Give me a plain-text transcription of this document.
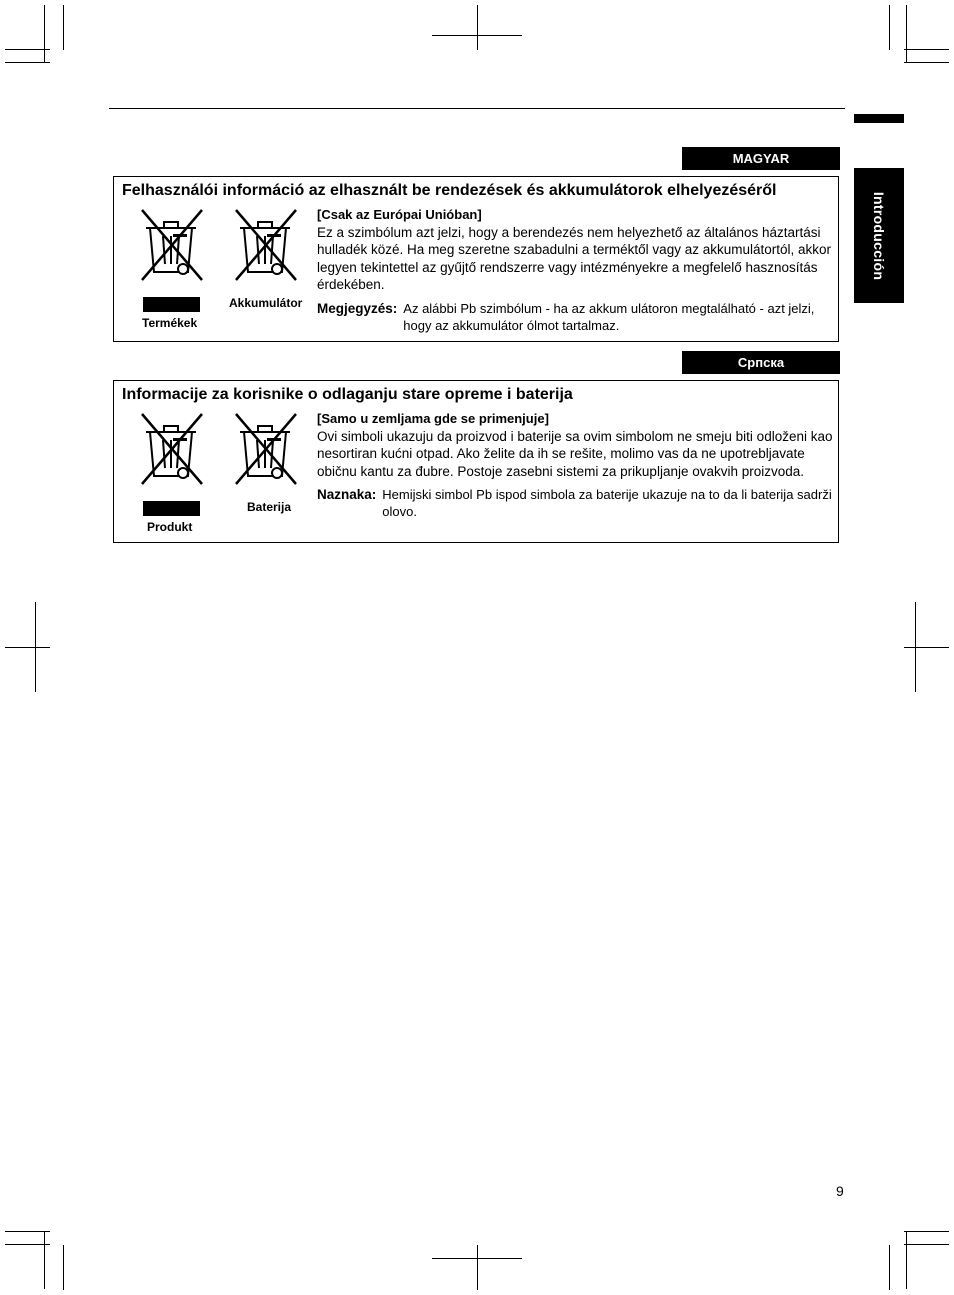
Introducción
MAGYAR
Felhasználói információ az elhasznált be rendezések és akkumulátorok elhelyezéséről
Termékek
Akkumulátor
[Csak az Európai Unióban]
Ez a szimbólum azt jelzi, hogy a berendezés nem helyezhető az általános háztartási hulladék közé. Ha meg szeretne szabadulni a terméktől vagy az akkumulátortól, akkor legyen tekintettel az gyűjtő rendszerre vagy intézményekre a megfelelő hasznosítás érdekében.
Megjegyzés: Az alábbi Pb szimbólum - ha az akkum ulátoron megtalálható - azt jelzi, hogy az akkumulátor ólmot tartalmaz.
Српска
Informacije za korisnike o odlaganju stare opreme i baterija
Produkt
Baterija
[Samo u zemljama gde se primenjuje]
Ovi simboli ukazuju da proizvod i baterije sa ovim simbolom ne smeju biti odloženi kao nesortiran kućni otpad. Ako želite da ih se rešite, molimo vas da ne upotrebljavate običnu kantu za đubre. Postoje zasebni sistemi za prikupljanje ovakvih proizvoda.
Naznaka: Hemijski simbol Pb ispod simbola za baterije ukazuje na to da li baterija sadrži olovo.
9
